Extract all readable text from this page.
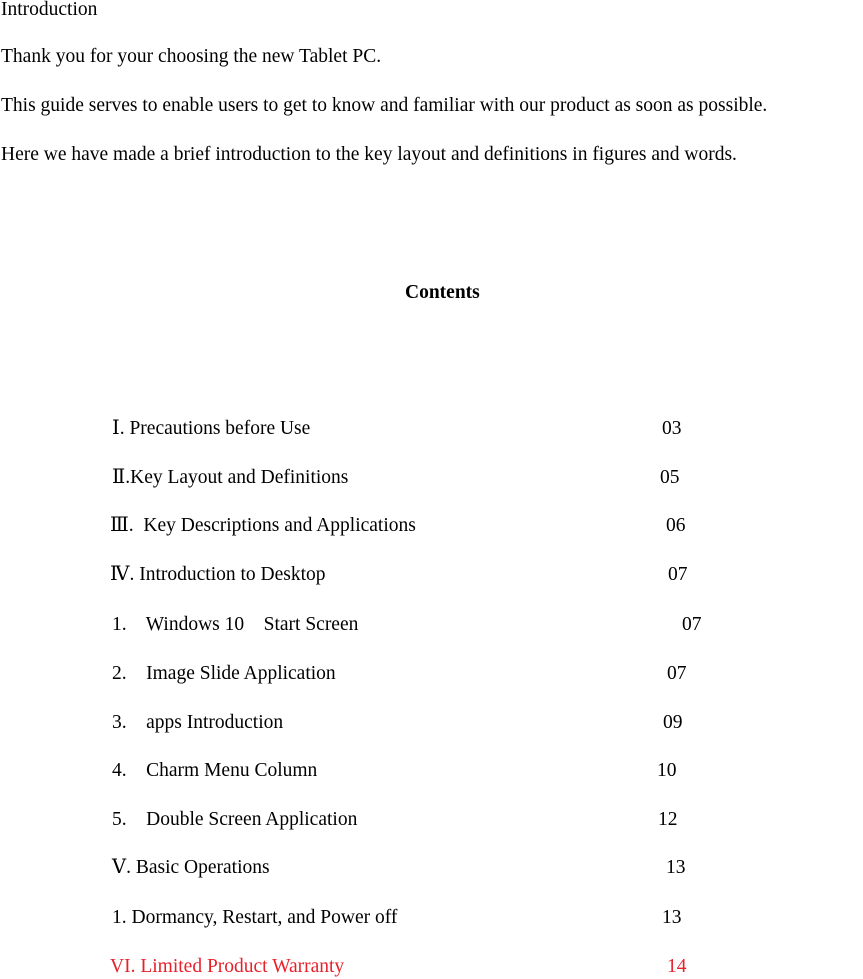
Introduction
Thank you for your choosing the new Tablet PC.
This guide serves to enable users to get to know and familiar with our product as soon as possible.
Here we have made a brief introduction to the key layout and definitions in figures and words.
Contents
Ⅰ. Precautions before Use	03
Ⅱ.Key Layout and Definitions	05
Ⅲ.  Key Descriptions and Applications	06
Ⅳ. Introduction to Desktop	07
1.    Windows 10    Start Screen	07
2.    Image Slide Application	07
3.    apps Introduction	09
4.    Charm Menu Column	10
5.    Double Screen Application	12
Ⅴ. Basic Operations	13
1. Dormancy, Restart, and Power off	13
VI. Limited Product Warranty	14
